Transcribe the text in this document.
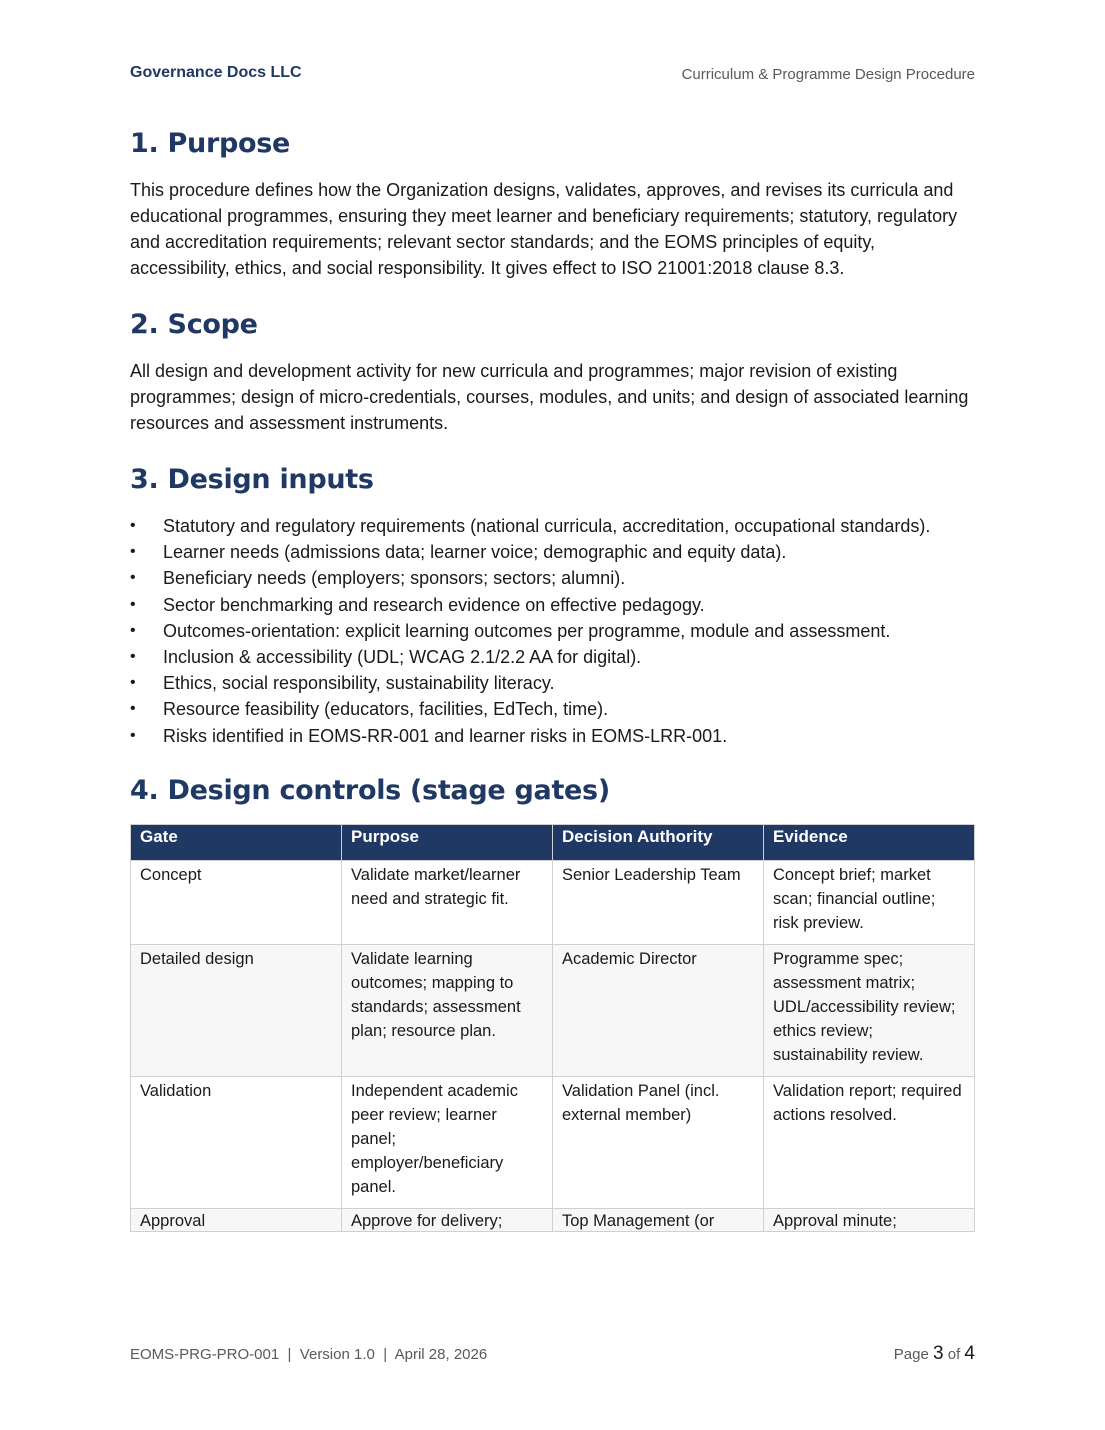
Governance Docs LLC	Curriculum & Programme Design Procedure
1. Purpose

This procedure defines how the Organization designs, validates, approves, and revises its curricula and educational programmes, ensuring they meet learner and beneficiary requirements; statutory, regulatory and accreditation requirements; relevant sector standards; and the EOMS principles of equity, accessibility, ethics, and social responsibility. It gives effect to ISO 21001:2018 clause 8.3.

2. Scope

All design and development activity for new curricula and programmes; major revision of existing programmes; design of micro-credentials, courses, modules, and units; and design of associated learning resources and assessment instruments.

3. Design inputs
• Statutory and regulatory requirements (national curricula, accreditation, occupational standards).
• Learner needs (admissions data; learner voice; demographic and equity data).
• Beneficiary needs (employers; sponsors; sectors; alumni).
• Sector benchmarking and research evidence on effective pedagogy.
• Outcomes-orientation: explicit learning outcomes per programme, module and assessment.
• Inclusion & accessibility (UDL; WCAG 2.1/2.2 AA for digital).
• Ethics, social responsibility, sustainability literacy.
• Resource feasibility (educators, facilities, EdTech, time).
• Risks identified in EOMS-RR-001 and learner risks in EOMS-LRR-001.
4. Design controls (stage gates)
Gate	Purpose	Decision Authority	Evidence
Concept	Validate market/learner need and strategic fit.	Senior Leadership Team	Concept brief; market scan; financial outline; risk preview.
Detailed design	Validate learning outcomes; mapping to standards; assessment plan; resource plan.	Academic Director	Programme spec; assessment matrix; UDL/accessibility review; ethics review; sustainability review.
Validation	Independent academic peer review; learner panel; employer/beneficiary panel.	Validation Panel (incl. external member)	Validation report; required actions resolved.
Approval	Approve for delivery;	Top Management (or	Approval minute;
EOMS-PRG-PRO-001 | Version 1.0 | April 28, 2026	Page 3 of 4
